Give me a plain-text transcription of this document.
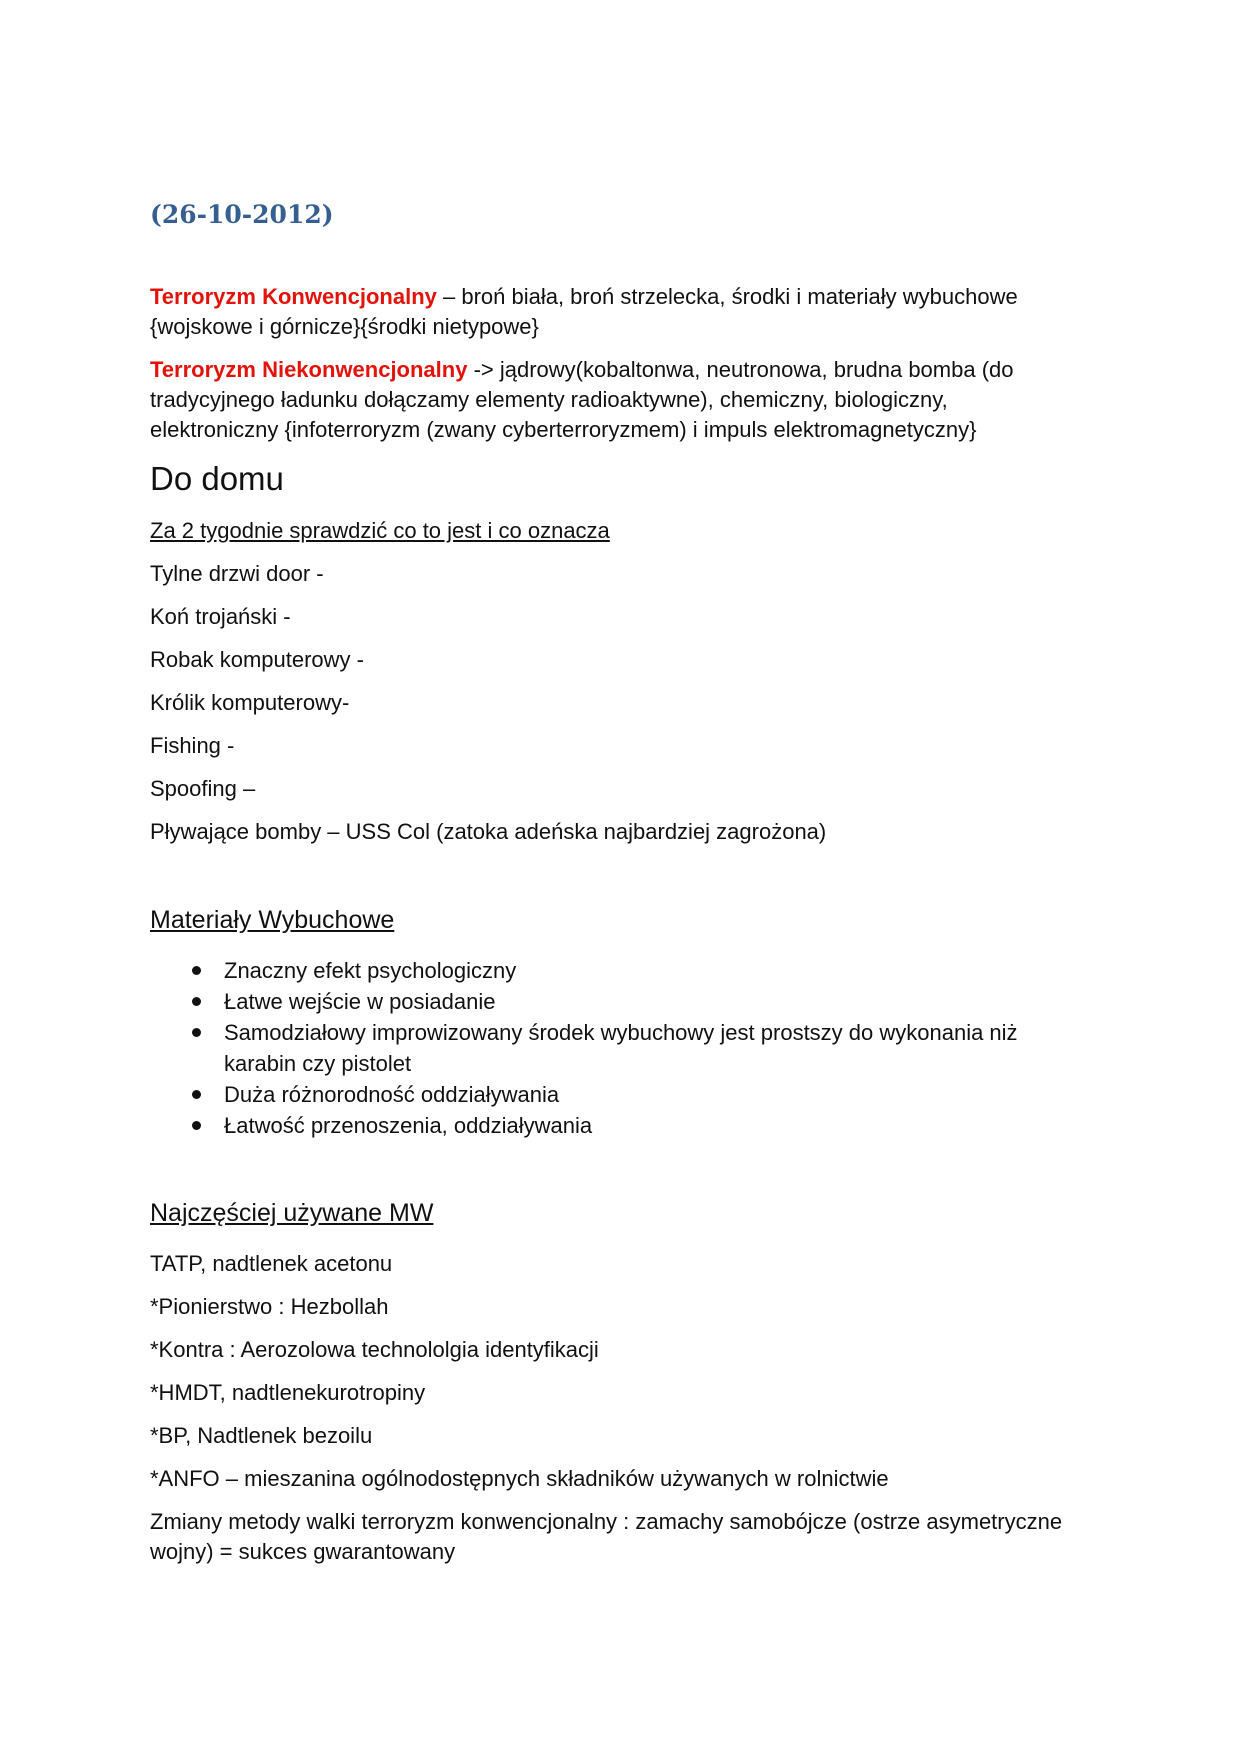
(26-10-2012)
Terroryzm Konwencjonalny – broń biała, broń strzelecka, środki i materiały wybuchowe {wojskowe i górnicze}{środki nietypowe}
Terroryzm Niekonwencjonalny -> jądrowy(kobaltonwa, neutronowa, brudna bomba (do tradycyjnego ładunku dołączamy elementy radioaktywne), chemiczny, biologiczny, elektroniczny {infoterroryzm (zwany cyberterroryzmem) i impuls elektromagnetyczny}
Do domu
Za 2 tygodnie sprawdzić co to jest i co oznacza
Tylne drzwi door -
Koń trojański -
Robak komputerowy -
Królik komputerowy-
Fishing -
Spoofing –
Pływające bomby – USS Col (zatoka adeńska najbardziej zagrożona)
Materiały Wybuchowe
Znaczny efekt psychologiczny
Łatwe wejście w posiadanie
Samodziałowy improwizowany środek wybuchowy jest prostszy do wykonania niż karabin czy pistolet
Duża różnorodność oddziaływania
Łatwość przenoszenia, oddziaływania
Najczęściej używane MW
TATP, nadtlenek acetonu
*Pionierstwo : Hezbollah
*Kontra : Aerozolowa technololgia identyfikacji
*HMDT, nadtlenekurotropiny
*BP, Nadtlenek bezoilu
*ANFO – mieszanina ogólnodostępnych składników używanych w rolnictwie
Zmiany metody walki terroryzm konwencjonalny : zamachy samobójcze (ostrze asymetryczne wojny) = sukces gwarantowany
